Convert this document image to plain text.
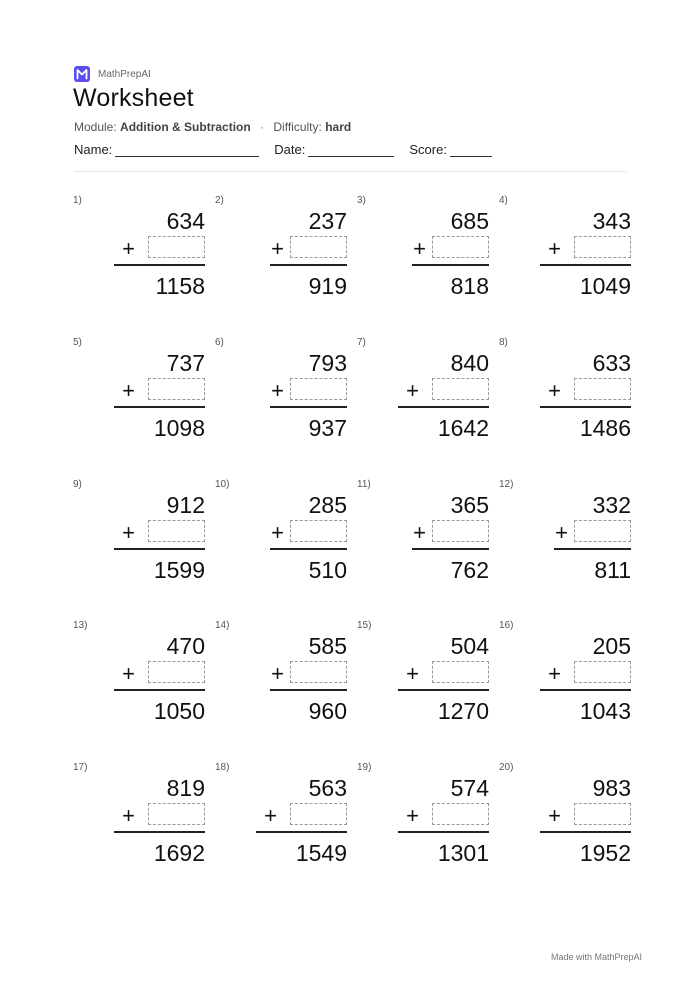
MathPrepAI
Worksheet
Module: Addition & Subtraction · Difficulty: hard
Name:	Date:	Score:
1)
634
+
1158
2)
237
+
919
3)
685
+
818
4)
343
+
1049
5)
737
+
1098
6)
793
+
937
7)
840
+
1642
8)
633
+
1486
9)
912
+
1599
10)
285
+
510
11)
365
+
762
12)
332
+
811
13)
470
+
1050
14)
585
+
960
15)
504
+
1270
16)
205
+
1043
17)
819
+
1692
18)
563
+
1549
19)
574
+
1301
20)
983
+
1952
Made with MathPrepAI
